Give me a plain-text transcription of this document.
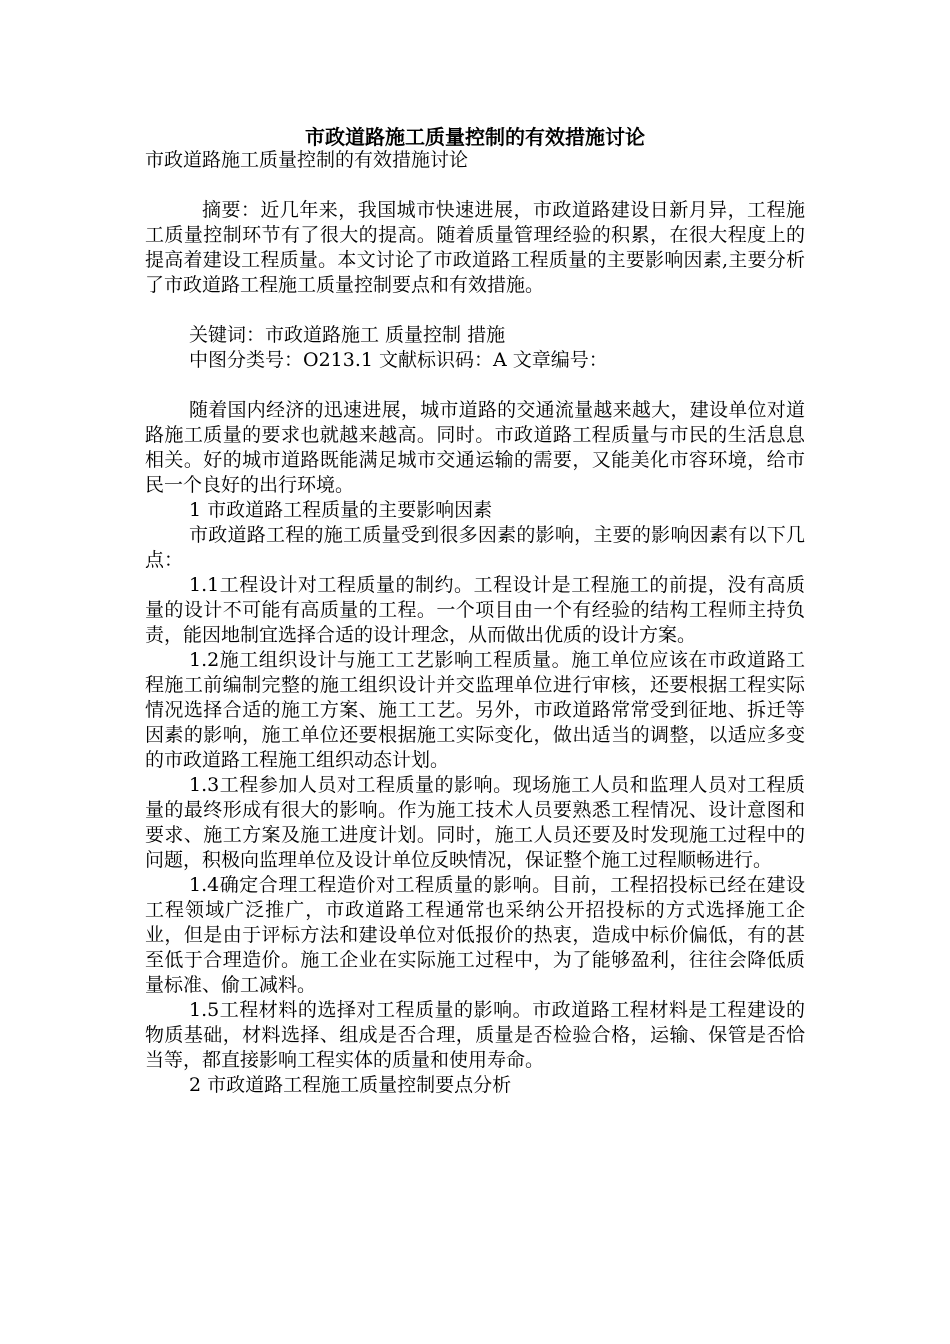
市政道路施工质量控制的有效措施讨论

市政道路施工质量控制的有效措施讨论

摘要：近几年来，我国城市快速进展，市政道路建设日新月异，工程施工质量控制环节有了很大的提高。随着质量管理经验的积累，在很大程度上的提高着建设工程质量。本文讨论了市政道路工程质量的主要影响因素,主要分析了市政道路工程施工质量控制要点和有效措施。

关键词：市政道路施工 质量控制 措施

中图分类号：O213.1 文献标识码：A 文章编号：

随着国内经济的迅速进展，城市道路的交通流量越来越大，建设单位对道路施工质量的要求也就越来越高。同时。市政道路工程质量与市民的生活息息相关。好的城市道路既能满足城市交通运输的需要，又能美化市容环境，给市民一个良好的出行环境。

1 市政道路工程质量的主要影响因素

市政道路工程的施工质量受到很多因素的影响，主要的影响因素有以下几点：

1.1工程设计对工程质量的制约。工程设计是工程施工的前提，没有高质量的设计不可能有高质量的工程。一个项目由一个有经验的结构工程师主持负责，能因地制宜选择合适的设计理念，从而做出优质的设计方案。

1.2施工组织设计与施工工艺影响工程质量。施工单位应该在市政道路工程施工前编制完整的施工组织设计并交监理单位进行审核，还要根据工程实际情况选择合适的施工方案、施工工艺。另外，市政道路常常受到征地、拆迁等因素的影响，施工单位还要根据施工实际变化，做出适当的调整，以适应多变的市政道路工程施工组织动态计划。

1.3工程参加人员对工程质量的影响。现场施工人员和监理人员对工程质量的最终形成有很大的影响。作为施工技术人员要熟悉工程情况、设计意图和要求、施工方案及施工进度计划。同时，施工人员还要及时发现施工过程中的问题，积极向监理单位及设计单位反映情况，保证整个施工过程顺畅进行。

1.4确定合理工程造价对工程质量的影响。目前，工程招投标已经在建设工程领域广泛推广，市政道路工程通常也采纳公开招投标的方式选择施工企业，但是由于评标方法和建设单位对低报价的热衷，造成中标价偏低，有的甚至低于合理造价。施工企业在实际施工过程中，为了能够盈利，往往会降低质量标准、偷工减料。

1.5工程材料的选择对工程质量的影响。市政道路工程材料是工程建设的物质基础，材料选择、组成是否合理，质量是否检验合格，运输、保管是否恰当等，都直接影响工程实体的质量和使用寿命。

2 市政道路工程施工质量控制要点分析
